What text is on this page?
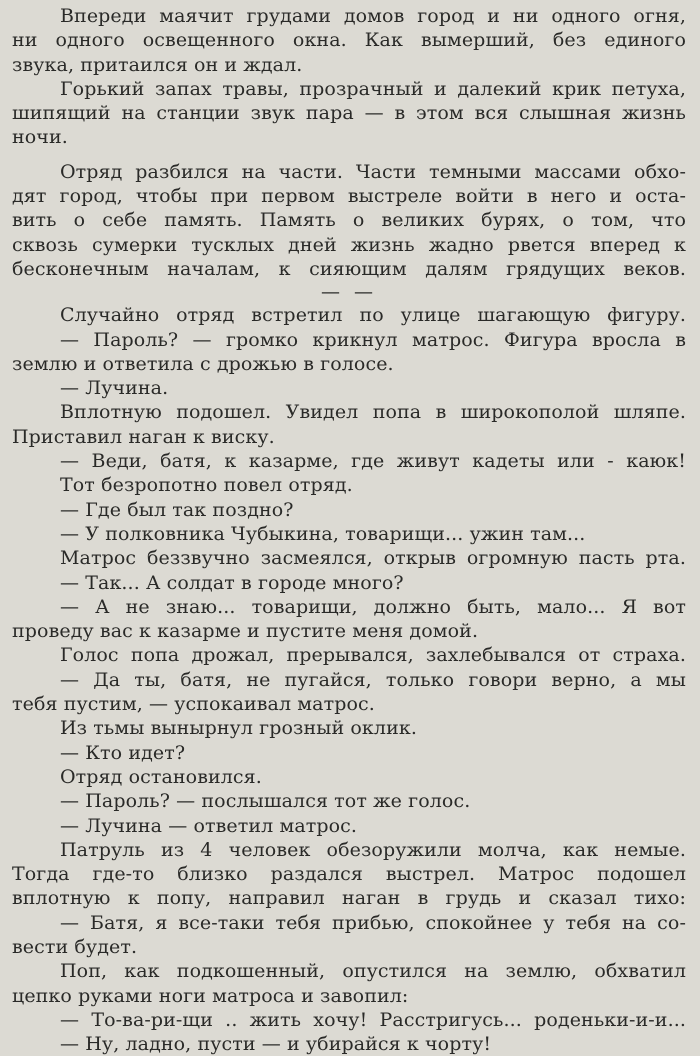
Впереди маячит грудами домов город и ни одного огня,
ни одного освещенного окна. Как вымерший, без единого
звука, притаился он и ждал.
Горький запах травы, прозрачный и далекий крик петуха,
шипящий на станции звук пара — в этом вся слышная жизнь
ночи.
Отряд разбился на части. Части темными массами обхо-
дят город, чтобы при первом выстреле войти в него и оста-
вить о себе память. Память о великих бурях, о том, что
сквозь сумерки тусклых дней жизнь жадно рвется вперед к
бесконечным началам, к сияющим далям грядущих веков.
— —
Случайно отряд встретил по улице шагающую фигуру.
— Пароль? — громко крикнул матрос. Фигура вросла в
землю и ответила с дрожью в голосе.
— Лучина.
Вплотную подошел. Увидел попа в широкополой шляпе.
Приставил наган к виску.
— Веди, батя, к казарме, где живут кадеты или - каюк!
Тот безропотно повел отряд.
— Где был так поздно?
— У полковника Чубыкина, товарищи... ужин там...
Матрос беззвучно засмеялся, открыв огромную пасть рта.
— Так... А солдат в городе много?
— А не знаю... товарищи, должно быть, мало... Я вот
проведу вас к казарме и пустите меня домой.
Голос попа дрожал, прерывался, захлебывался от страха.
— Да ты, батя, не пугайся, только говори верно, а мы
тебя пустим, — успокаивал матрос.
Из тьмы вынырнул грозный оклик.
— Кто идет?
Отряд остановился.
— Пароль? — послышался тот же голос.
— Лучина — ответил матрос.
Патруль из 4 человек обезоружили молча, как немые.
Тогда где-то близко раздался выстрел. Матрос подошел
вплотную к попу, направил наган в грудь и сказал тихо:
— Батя, я все-таки тебя прибью, спокойнее у тебя на со-
вести будет.
Поп, как подкошенный, опустился на землю, обхватил
цепко руками ноги матроса и завопил:
— То-ва-ри-щи .. жить хочу! Расстригусь... роденьки-и-и...
— Ну, ладно, пусти — и убирайся к чорту!
